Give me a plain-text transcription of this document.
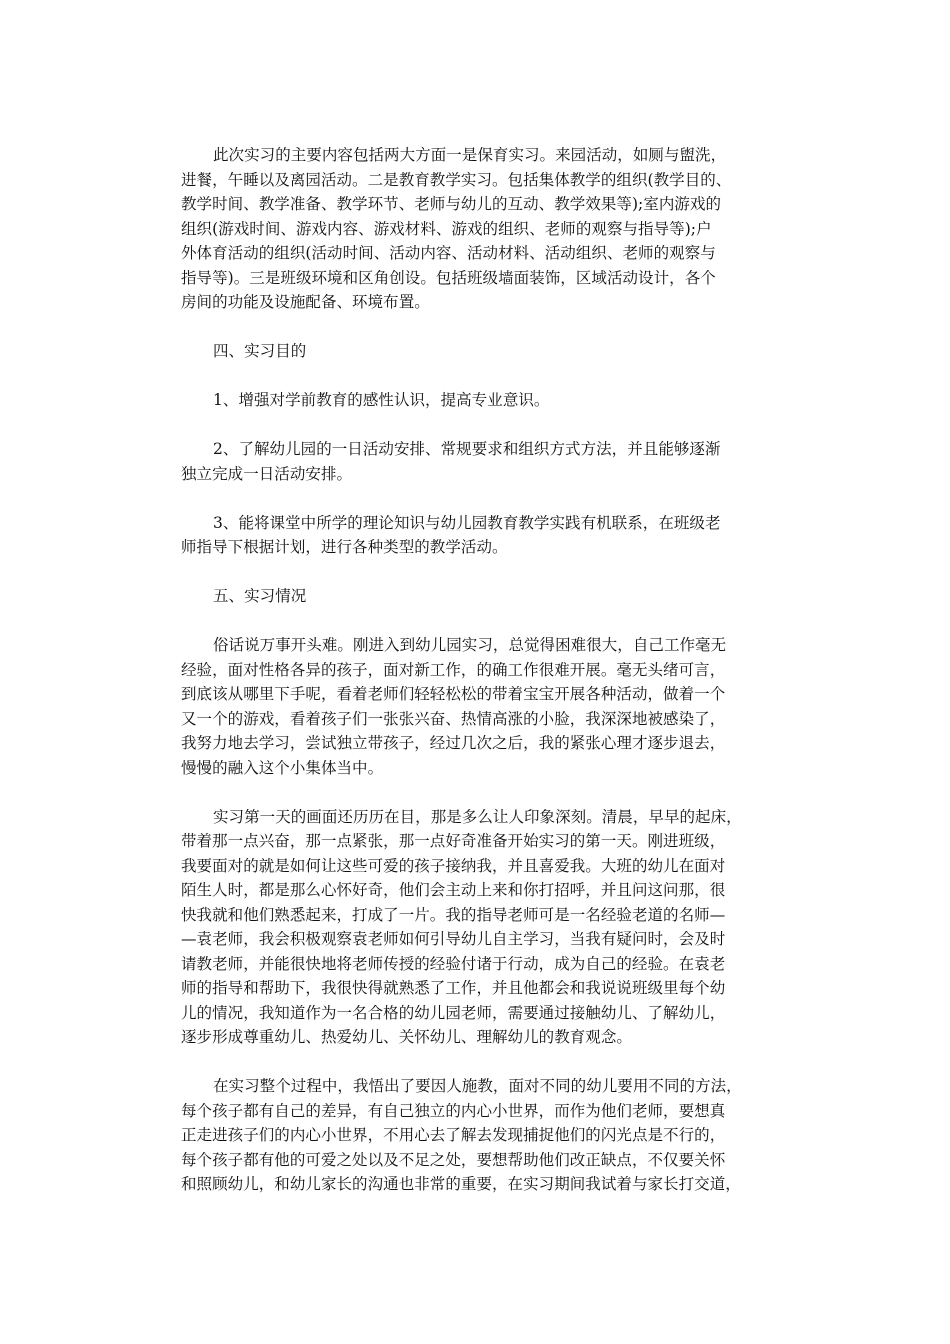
此次实习的主要内容包括两大方面一是保育实习。来园活动，如厕与盥洗，
进餐，午睡以及离园活动。二是教育教学实习。包括集体教学的组织(教学目的、
教学时间、教学准备、教学环节、老师与幼儿的互动、教学效果等);室内游戏的
组织(游戏时间、游戏内容、游戏材料、游戏的组织、老师的观察与指导等);户
外体育活动的组织(活动时间、活动内容、活动材料、活动组织、老师的观察与
指导等)。三是班级环境和区角创设。包括班级墙面装饰，区域活动设计，各个
房间的功能及设施配备、环境布置。

四、实习目的

1、增强对学前教育的感性认识，提高专业意识。

2、了解幼儿园的一日活动安排、常规要求和组织方式方法，并且能够逐渐
独立完成一日活动安排。

3、能将课堂中所学的理论知识与幼儿园教育教学实践有机联系，在班级老
师指导下根据计划，进行各种类型的教学活动。

五、实习情况

俗话说万事开头难。刚进入到幼儿园实习，总觉得困难很大，自己工作毫无
经验，面对性格各异的孩子，面对新工作，的确工作很难开展。毫无头绪可言，
到底该从哪里下手呢，看着老师们轻轻松松的带着宝宝开展各种活动，做着一个
又一个的游戏，看着孩子们一张张兴奋、热情高涨的小脸，我深深地被感染了，
我努力地去学习，尝试独立带孩子，经过几次之后，我的紧张心理才逐步退去，
慢慢的融入这个小集体当中。

实习第一天的画面还历历在目，那是多么让人印象深刻。清晨，早早的起床，
带着那一点兴奋，那一点紧张，那一点好奇准备开始实习的第一天。刚进班级，
我要面对的就是如何让这些可爱的孩子接纳我，并且喜爱我。大班的幼儿在面对
陌生人时，都是那么心怀好奇，他们会主动上来和你打招呼，并且问这问那，很
快我就和他们熟悉起来，打成了一片。我的指导老师可是一名经验老道的名师—
—袁老师，我会积极观察袁老师如何引导幼儿自主学习，当我有疑问时，会及时
请教老师，并能很快地将老师传授的经验付诸于行动，成为自己的经验。在袁老
师的指导和帮助下，我很快得就熟悉了工作，并且他都会和我说说班级里每个幼
儿的情况，我知道作为一名合格的幼儿园老师，需要通过接触幼儿、了解幼儿，
逐步形成尊重幼儿、热爱幼儿、关怀幼儿、理解幼儿的教育观念。

在实习整个过程中，我悟出了要因人施教，面对不同的幼儿要用不同的方法，
每个孩子都有自己的差异，有自己独立的内心小世界，而作为他们老师，要想真
正走进孩子们的内心小世界，不用心去了解去发现捕捉他们的闪光点是不行的，
每个孩子都有他的可爱之处以及不足之处，要想帮助他们改正缺点，不仅要关怀
和照顾幼儿，和幼儿家长的沟通也非常的重要，在实习期间我试着与家长打交道，
